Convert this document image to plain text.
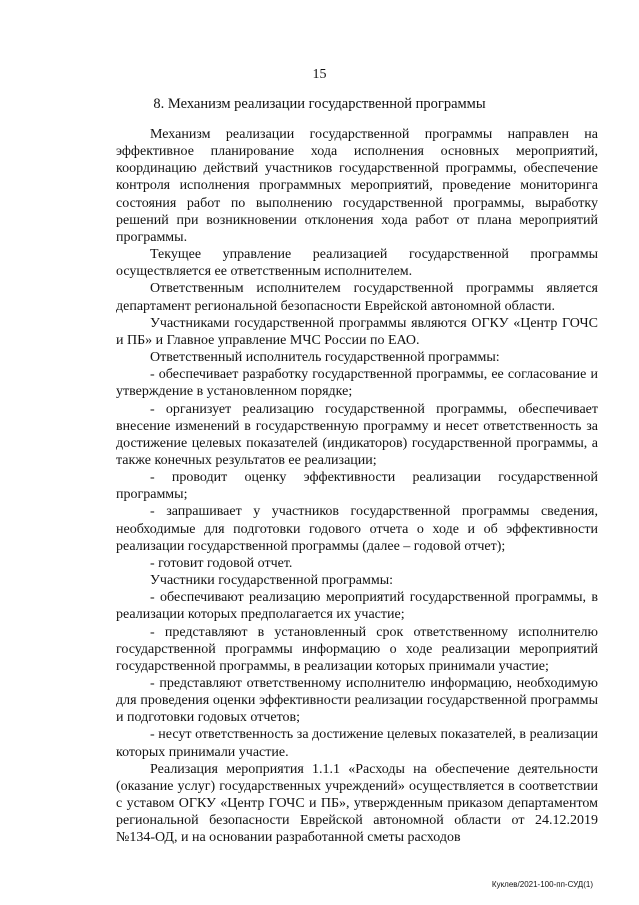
15
8. Механизм реализации государственной программы

Механизм реализации государственной программы направлен на эффективное планирование хода исполнения основных мероприятий, координацию действий участников государственной программы, обеспечение контроля исполнения программных мероприятий, проведение мониторинга состояния работ по выполнению государственной программы, выработку решений при возникновении отклонения хода работ от плана мероприятий программы.

Текущее управление реализацией государственной программы осуществляется ее ответственным исполнителем.

Ответственным исполнителем государственной программы является департамент региональной безопасности Еврейской автономной области.

Участниками государственной программы являются ОГКУ «Центр ГОЧС и ПБ» и Главное управление МЧС России по ЕАО.

Ответственный исполнитель государственной программы:

- обеспечивает разработку государственной программы, ее согласование и утверждение в установленном порядке;

- организует реализацию государственной программы, обеспечивает внесение изменений в государственную программу и несет ответственность за достижение целевых показателей (индикаторов) государственной программы, а также конечных результатов ее реализации;

- проводит оценку эффективности реализации государственной программы;

- запрашивает у участников государственной программы сведения, необходимые для подготовки годового отчета о ходе и об эффективности реализации государственной программы (далее – годовой отчет);

- готовит годовой отчет.

Участники государственной программы:

- обеспечивают реализацию мероприятий государственной программы, в реализации которых предполагается их участие;

- представляют в установленный срок ответственному исполнителю государственной программы информацию о ходе реализации мероприятий государственной программы, в реализации которых принимали участие;

- представляют ответственному исполнителю информацию, необходимую для проведения оценки эффективности реализации государственной программы и подготовки годовых отчетов;

- несут ответственность за достижение целевых показателей, в реализации которых принимали участие.

Реализация мероприятия 1.1.1 «Расходы на обеспечение деятельности (оказание услуг) государственных учреждений» осуществляется в соответствии с уставом ОГКУ «Центр ГОЧС и ПБ», утвержденным приказом департаментом региональной безопасности Еврейской автономной области от 24.12.2019 №134-ОД, и на основании разработанной сметы расходов

Куклев/2021-100-пп-СУД(1)
